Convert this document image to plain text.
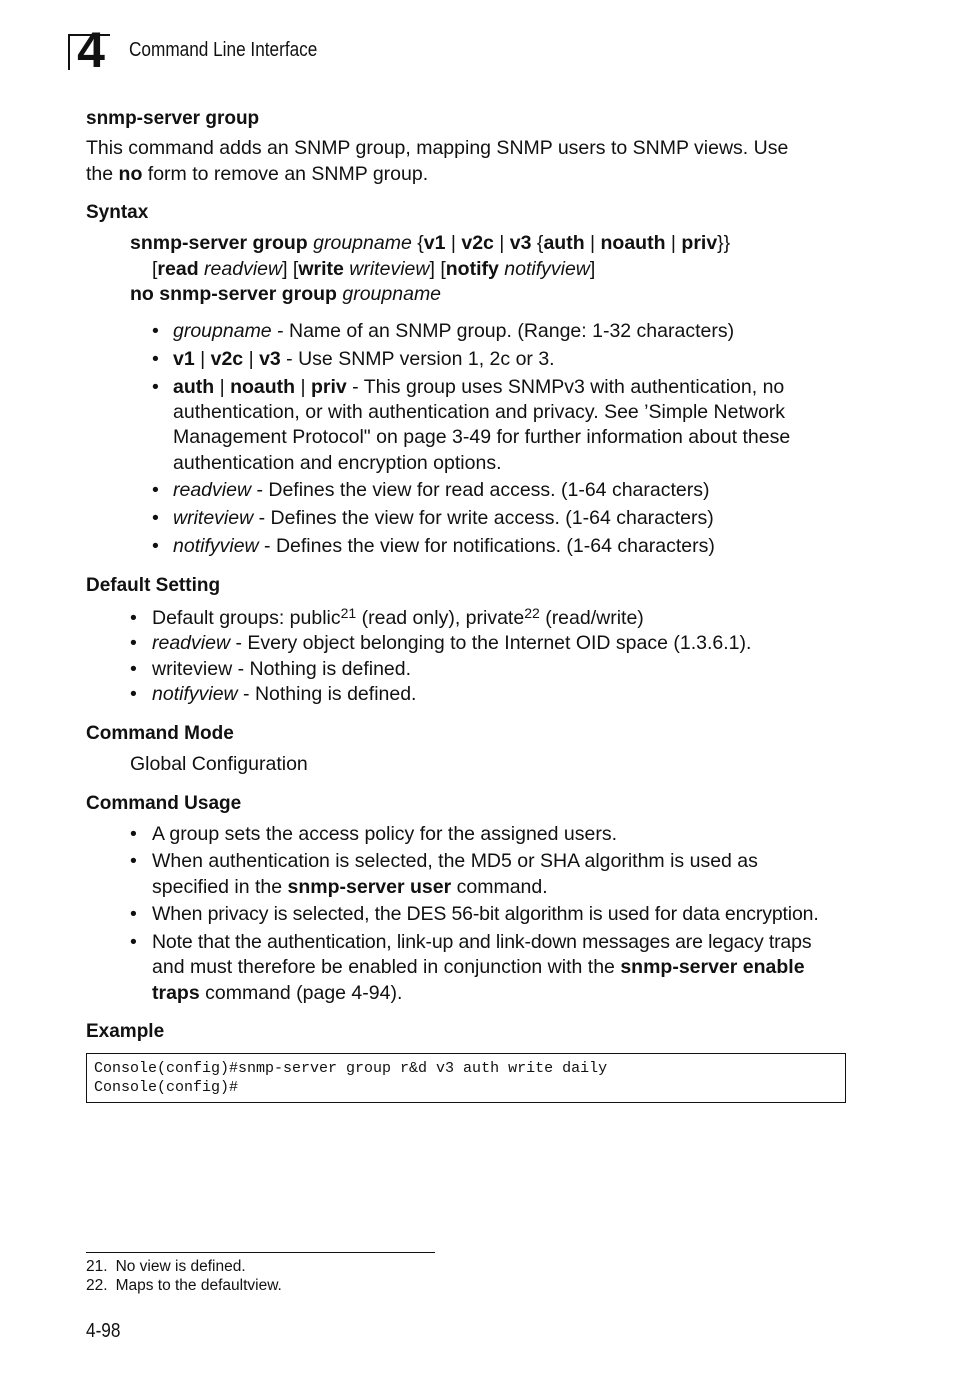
4	Command Line Interface
snmp-server group
This command adds an SNMP group, mapping SNMP users to SNMP views. Use
the no form to remove an SNMP group.
Syntax
snmp-server group groupname {v1 | v2c | v3 {auth | noauth | priv}}
[read readview] [write writeview] [notify notifyview]
no snmp-server group groupname
• groupname - Name of an SNMP group. (Range: 1-32 characters)
• v1 | v2c | v3 - Use SNMP version 1, 2c or 3.
• auth | noauth | priv - This group uses SNMPv3 with authentication, no
authentication, or with authentication and privacy. See ’Simple Network
Management Protocol" on page 3-49 for further information about these
authentication and encryption options.
• readview - Defines the view for read access. (1-64 characters)
• writeview - Defines the view for write access. (1-64 characters)
• notifyview - Defines the view for notifications. (1-64 characters)
Default Setting
• Default groups: public$^{21}$ (read only), private$^{22}$ (read/write)
• readview - Every object belonging to the Internet OID space (1.3.6.1).
• writeview - Nothing is defined.
• notifyview - Nothing is defined.
Command Mode
Global Configuration
Command Usage
• A group sets the access policy for the assigned users.
• When authentication is selected, the MD5 or SHA algorithm is used as
specified in the snmp-server user command.
• When privacy is selected, the DES 56-bit algorithm is used for data encryption.
• Note that the authentication, link-up and link-down messages are legacy traps
and must therefore be enabled in conjunction with the snmp-server enable
traps command (page 4-94).
Example
Console(config)#snmp-server group r&d v3 auth write daily
Console(config)#
21. No view is defined.
22. Maps to the defaultview.
4-98
